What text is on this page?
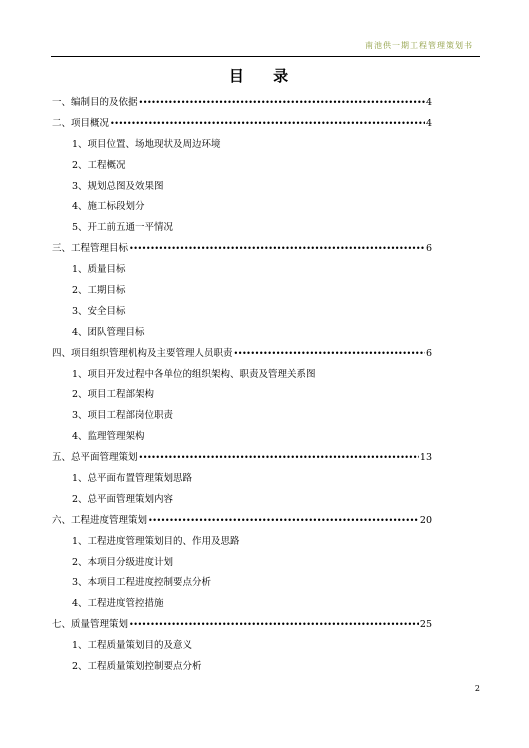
南池供一期工程管理策划书
目 录
一、编制目的及依据 •••••	4
二、项目概况 •••••	4
1、项目位置、场地现状及周边环境
2、工程概况
3、规划总图及效果图
4、施工标段划分
5、开工前五通一平情况
三、工程管理目标 •••••	6
1、质量目标
2、工期目标
3、安全目标
4、团队管理目标
四、项目组织管理机构及主要管理人员职责 •••••	6
1、项目开发过程中各单位的组织架构、职责及管理关系图
2、项目工程部架构
3、项目工程部岗位职责
4、监理管理架构
五、总平面管理策划 •••••	13
1、总平面布置管理策划思路
2、总平面管理策划内容
六、工程进度管理策划 •••••	20
1、工程进度管理策划目的、作用及思路
2、本项目分级进度计划
3、本项目工程进度控制要点分析
4、工程进度管控措施
七、质量管理策划 •••••	25
1、工程质量策划目的及意义
2、工程质量策划控制要点分析
2
